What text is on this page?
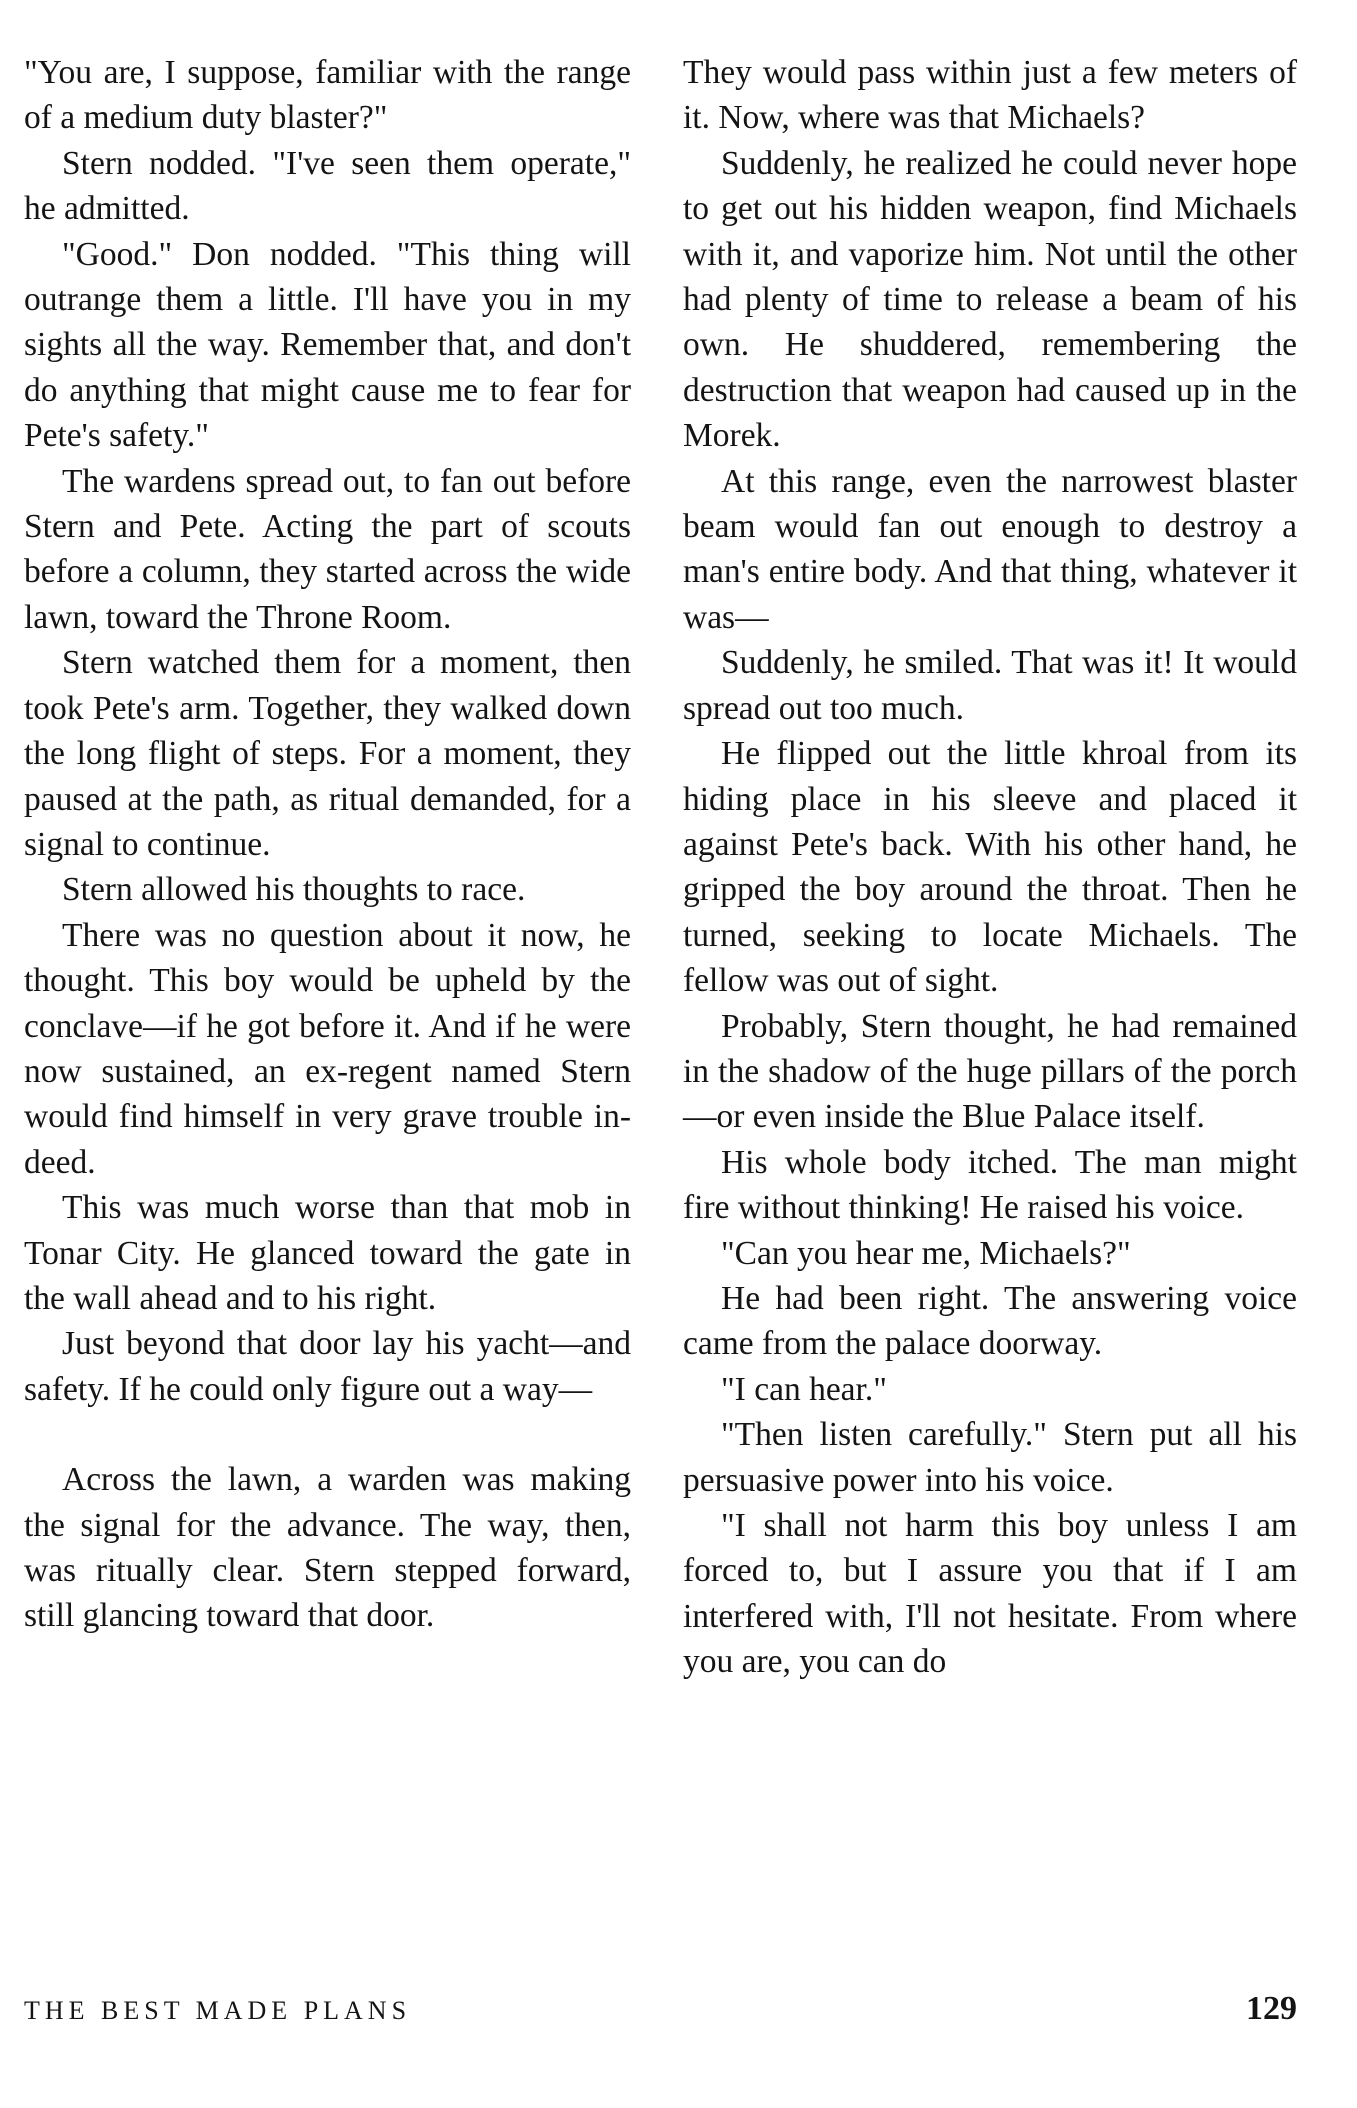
"You are, I suppose, familiar with the range of a medium duty blaster?"

Stern nodded. "I've seen them operate," he admitted.

"Good." Don nodded. "This thing will outrange them a little. I'll have you in my sights all the way. Remember that, and don't do anything that might cause me to fear for Pete's safety."

The wardens spread out, to fan out before Stern and Pete. Acting the part of scouts before a column, they started across the wide lawn, toward the Throne Room.

Stern watched them for a moment, then took Pete's arm. Together, they walked down the long flight of steps. For a moment, they paused at the path, as ritual demanded, for a signal to continue.

Stern allowed his thoughts to race.

There was no question about it now, he thought. This boy would be upheld by the conclave—if he got before it. And if he were now sustained, an ex-regent named Stern would find himself in very grave trouble indeed.

This was much worse than that mob in Tonar City. He glanced toward the gate in the wall ahead and to his right.

Just beyond that door lay his yacht—and safety. If he could only figure out a way—

Across the lawn, a warden was making the signal for the advance. The way, then, was ritually clear. Stern stepped forward, still glancing toward that door.

They would pass within just a few meters of it. Now, where was that Michaels?

Suddenly, he realized he could never hope to get out his hidden weapon, find Michaels with it, and vaporize him. Not until the other had plenty of time to release a beam of his own. He shuddered, remembering the destruction that weapon had caused up in the Morek.

At this range, even the narrowest blaster beam would fan out enough to destroy a man's entire body. And that thing, whatever it was—

Suddenly, he smiled. That was it! It would spread out too much.

He flipped out the little khroal from its hiding place in his sleeve and placed it against Pete's back. With his other hand, he gripped the boy around the throat. Then he turned, seeking to locate Michaels. The fellow was out of sight.

Probably, Stern thought, he had remained in the shadow of the huge pillars of the porch—or even inside the Blue Palace itself.

His whole body itched. The man might fire without thinking! He raised his voice.

"Can you hear me, Michaels?"

He had been right. The answering voice came from the palace doorway.

"I can hear."

"Then listen carefully." Stern put all his persuasive power into his voice.

"I shall not harm this boy unless I am forced to, but I assure you that if I am interfered with, I'll not hesitate. From where you are, you can do

THE BEST MADE PLANS	129
